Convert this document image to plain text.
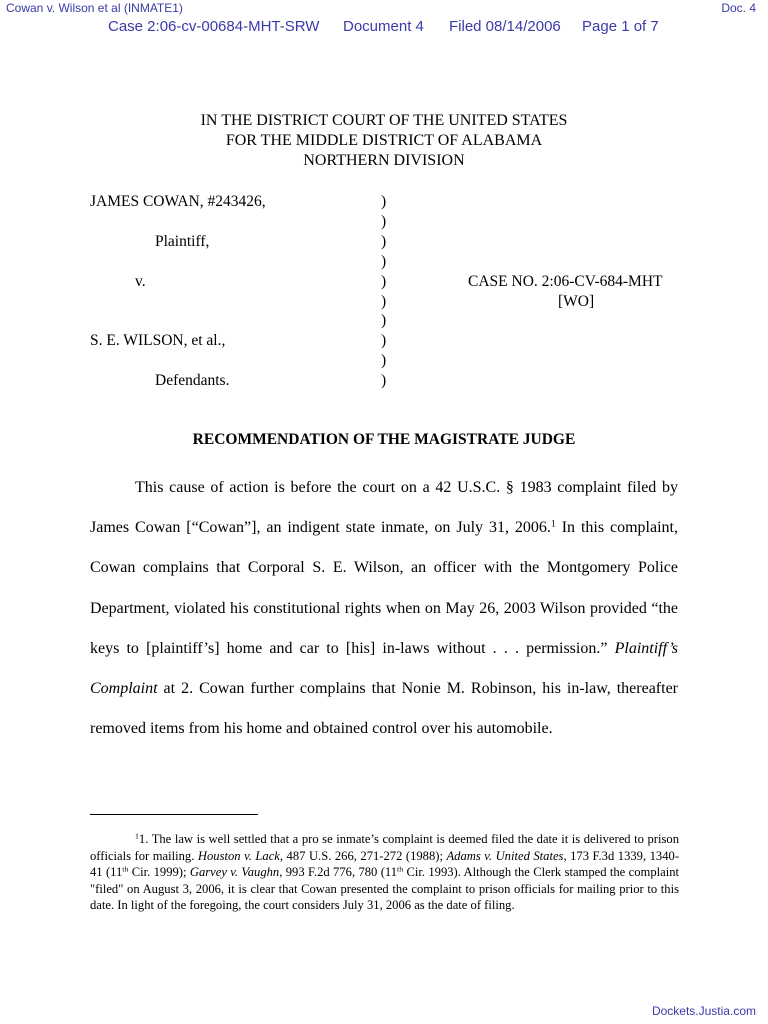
Cowan v. Wilson et al (INMATE1)	Doc. 4
Case 2:06-cv-00684-MHT-SRW Document 4 Filed 08/14/2006 Page 1 of 7
IN THE DISTRICT COURT OF THE UNITED STATES
FOR THE MIDDLE DISTRICT OF ALABAMA
NORTHERN DIVISION
JAMES COWAN, #243426,
Plaintiff,
v.
S. E. WILSON, et al.,
Defendants.
CASE NO. 2:06-CV-684-MHT
[WO]
)
)
)
)
)
)
)
)
)
)
RECOMMENDATION OF THE MAGISTRATE JUDGE

This cause of action is before the court on a 42 U.S.C. § 1983 complaint filed by James Cowan [“Cowan”], an indigent state inmate, on July 31, 2006.$^1$ In this complaint, Cowan complains that Corporal S. E. Wilson, an officer with the Montgomery Police Department, violated his constitutional rights when on May 26, 2003 Wilson provided “the keys to [plaintiff’s] home and car to [his] in-laws without . . . permission.” Plaintiff’s Complaint at 2. Cowan further complains that Nonie M. Robinson, his in-law, thereafter removed items from his home and obtained control over his automobile.

$^1$1. The law is well settled that a pro se inmate’s complaint is deemed filed the date it is delivered to prison officials for mailing. Houston v. Lack, 487 U.S. 266, 271-272 (1988); Adams v. United States, 173 F.3d 1339, 1340-41 (11th Cir. 1999); Garvey v. Vaughn, 993 F.2d 776, 780 (11th Cir. 1993). Although the Clerk stamped the complaint "filed" on August 3, 2006, it is clear that Cowan presented the complaint to prison officials for mailing prior to this date. In light of the foregoing, the court considers July 31, 2006 as the date of filing.

Dockets.Justia.com
